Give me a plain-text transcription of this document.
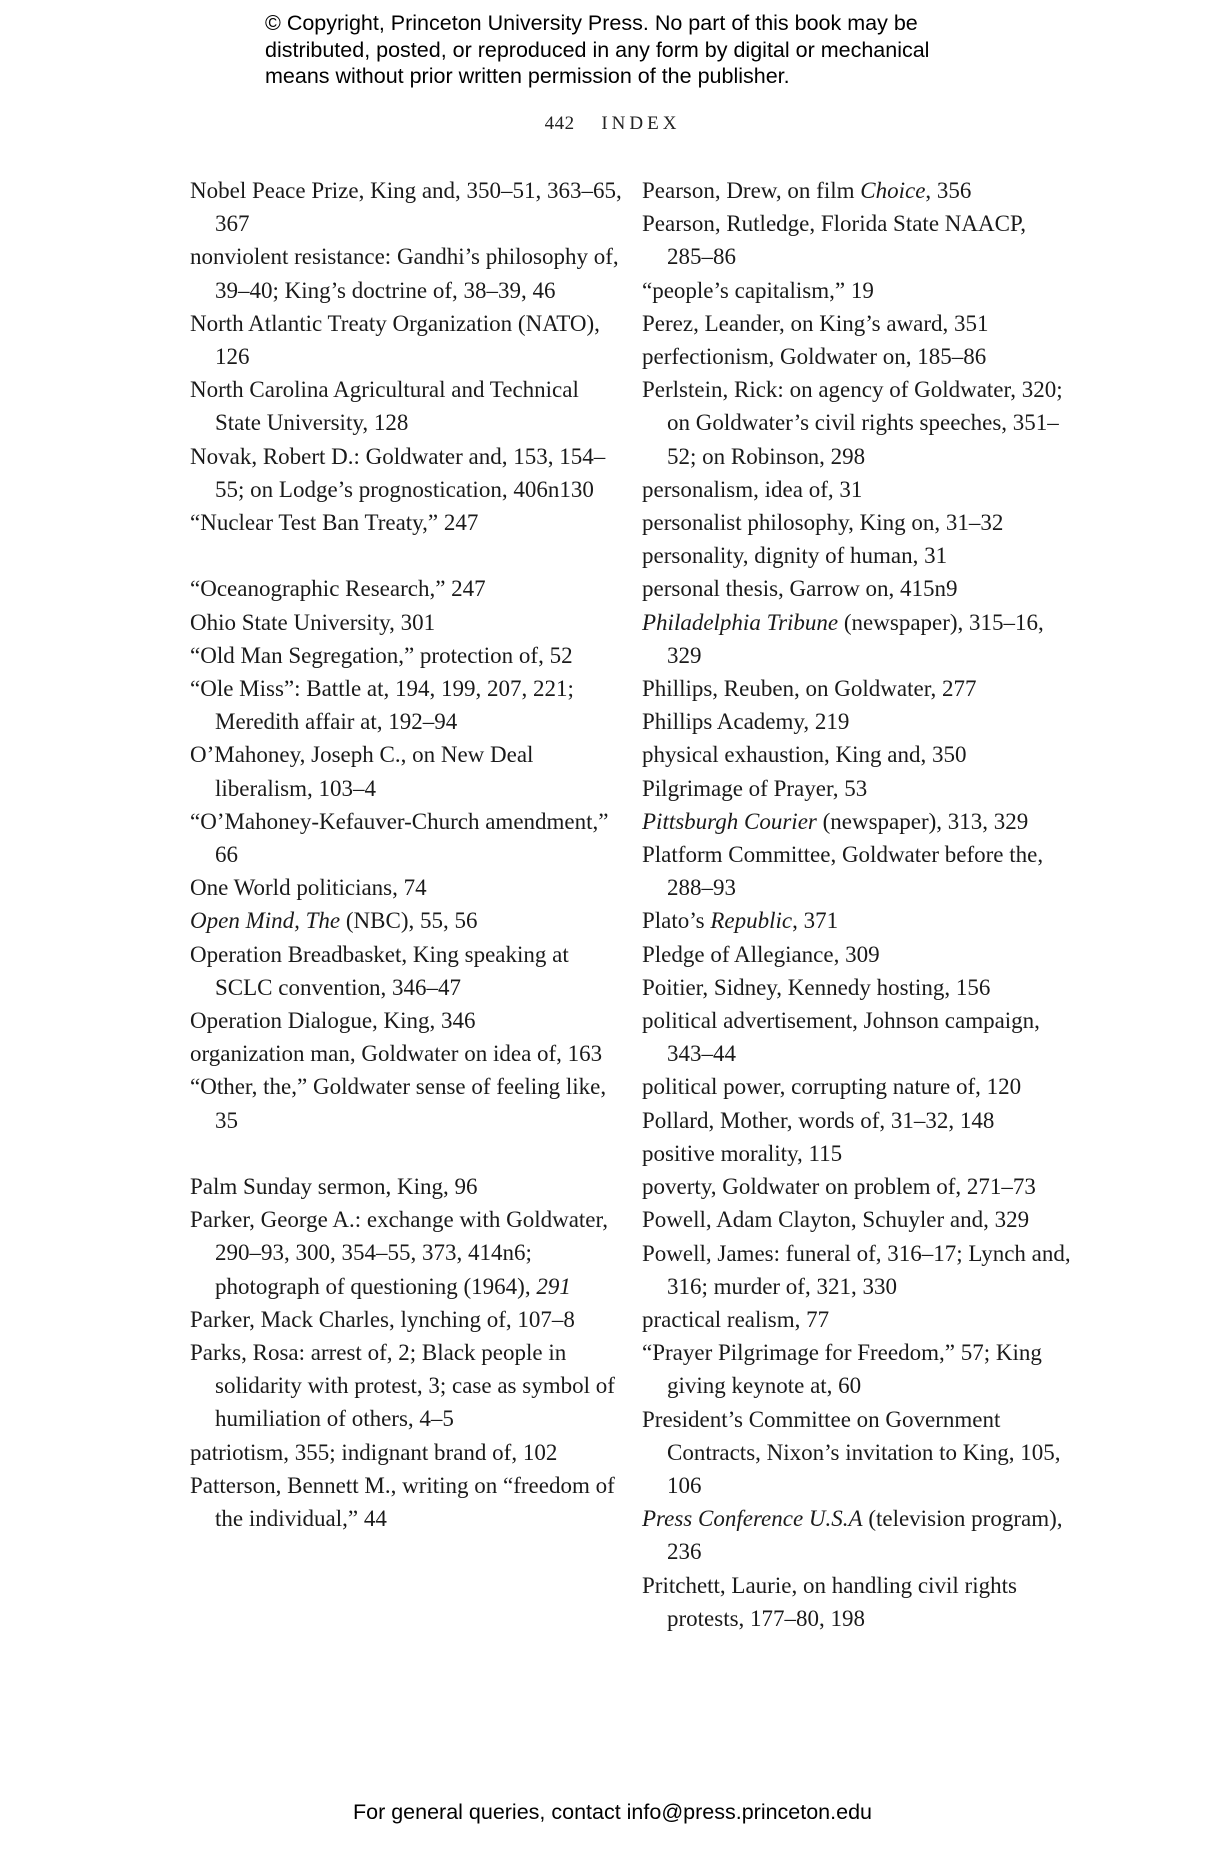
© Copyright, Princeton University Press. No part of this book may be
distributed, posted, or reproduced in any form by digital or mechanical
means without prior written permission of the publisher.
442 INDEX

Nobel Peace Prize, King and, 350–51, 363–65, 367

nonviolent resistance: Gandhi’s philosophy of, 39–40; King’s doctrine of, 38–39, 46

North Atlantic Treaty Organization (NATO), 126

North Carolina Agricultural and Technical State University, 128

Novak, Robert D.: Goldwater and, 153, 154–55; on Lodge’s prognostication, 406n130

“Nuclear Test Ban Treaty,” 247

“Oceanographic Research,” 247

Ohio State University, 301

“Old Man Segregation,” protection of, 52

“Ole Miss”: Battle at, 194, 199, 207, 221; Meredith affair at, 192–94

O’Mahoney, Joseph C., on New Deal liberalism, 103–4

“O’Mahoney-Kefauver-Church amendment,” 66

One World politicians, 74

Open Mind, The (NBC), 55, 56

Operation Breadbasket, King speaking at SCLC convention, 346–47

Operation Dialogue, King, 346

organization man, Goldwater on idea of, 163

“Other, the,” Goldwater sense of feeling like, 35

Palm Sunday sermon, King, 96

Parker, George A.: exchange with Goldwater, 290–93, 300, 354–55, 373, 414n6; photograph of questioning (1964), 291

Parker, Mack Charles, lynching of, 107–8

Parks, Rosa: arrest of, 2; Black people in solidarity with protest, 3; case as symbol of humiliation of others, 4–5

patriotism, 355; indignant brand of, 102

Patterson, Bennett M., writing on “freedom of the individual,” 44

Pearson, Drew, on film Choice, 356

Pearson, Rutledge, Florida State NAACP, 285–86

“people’s capitalism,” 19

Perez, Leander, on King’s award, 351

perfectionism, Goldwater on, 185–86

Perlstein, Rick: on agency of Goldwater, 320; on Goldwater’s civil rights speeches, 351–52; on Robinson, 298

personalism, idea of, 31

personalist philosophy, King on, 31–32

personality, dignity of human, 31

personal thesis, Garrow on, 415n9

Philadelphia Tribune (newspaper), 315–16, 329

Phillips, Reuben, on Goldwater, 277

Phillips Academy, 219

physical exhaustion, King and, 350

Pilgrimage of Prayer, 53

Pittsburgh Courier (newspaper), 313, 329

Platform Committee, Goldwater before the, 288–93

Plato’s Republic, 371

Pledge of Allegiance, 309

Poitier, Sidney, Kennedy hosting, 156

political advertisement, Johnson campaign, 343–44

political power, corrupting nature of, 120

Pollard, Mother, words of, 31–32, 148

positive morality, 115

poverty, Goldwater on problem of, 271–73

Powell, Adam Clayton, Schuyler and, 329

Powell, James: funeral of, 316–17; Lynch and, 316; murder of, 321, 330

practical realism, 77

“Prayer Pilgrimage for Freedom,” 57; King giving keynote at, 60

President’s Committee on Government Contracts, Nixon’s invitation to King, 105, 106

Press Conference U.S.A (television program), 236

Pritchett, Laurie, on handling civil rights protests, 177–80, 198

For general queries, contact info@press.princeton.edu
